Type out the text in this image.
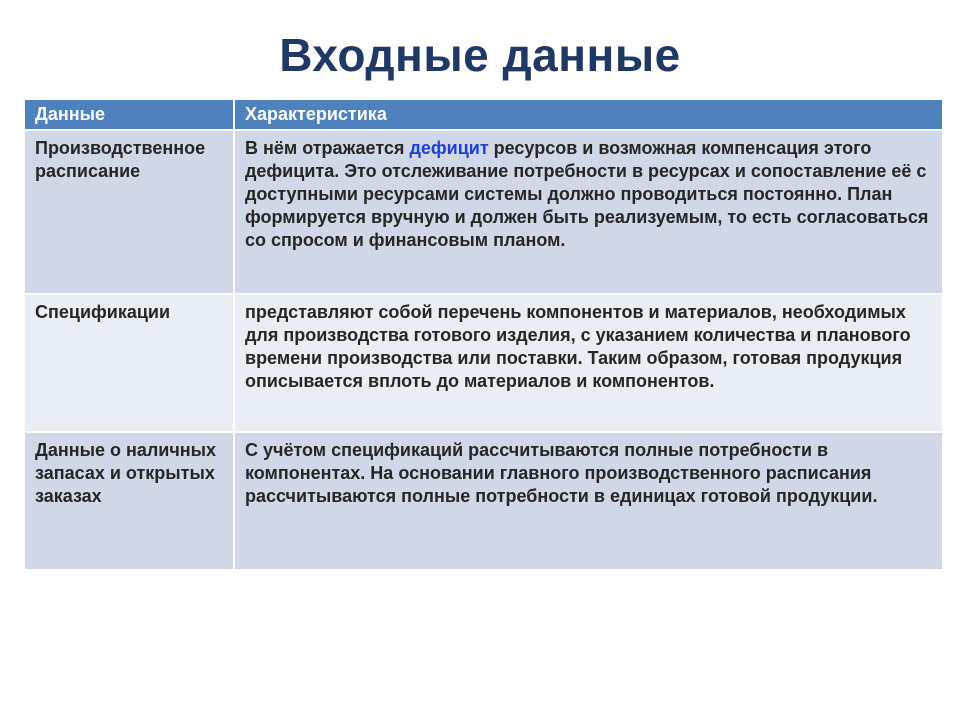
Входные данные
Данные	Характеристика
Производственное расписание	В нём отражается дефицит ресурсов и возможная компенсация этого дефицита. Это отслеживание потребности в ресурсах и сопоставление её с доступными ресурсами системы должно проводиться постоянно. План формируется вручную и должен быть реализуемым, то есть согласоваться со спросом и финансовым планом.
Спецификации	представляют собой перечень компонентов и материалов, необходимых для производства готового изделия, с указанием количества и планового времени производства или поставки. Таким образом, готовая продукция описывается вплоть до материалов и компонентов.
Данные о наличных запасах и открытых заказах	С учётом спецификаций рассчитываются полные потребности в компонентах. На основании главного производственного расписания рассчитываются полные потребности в единицах готовой продукции.
